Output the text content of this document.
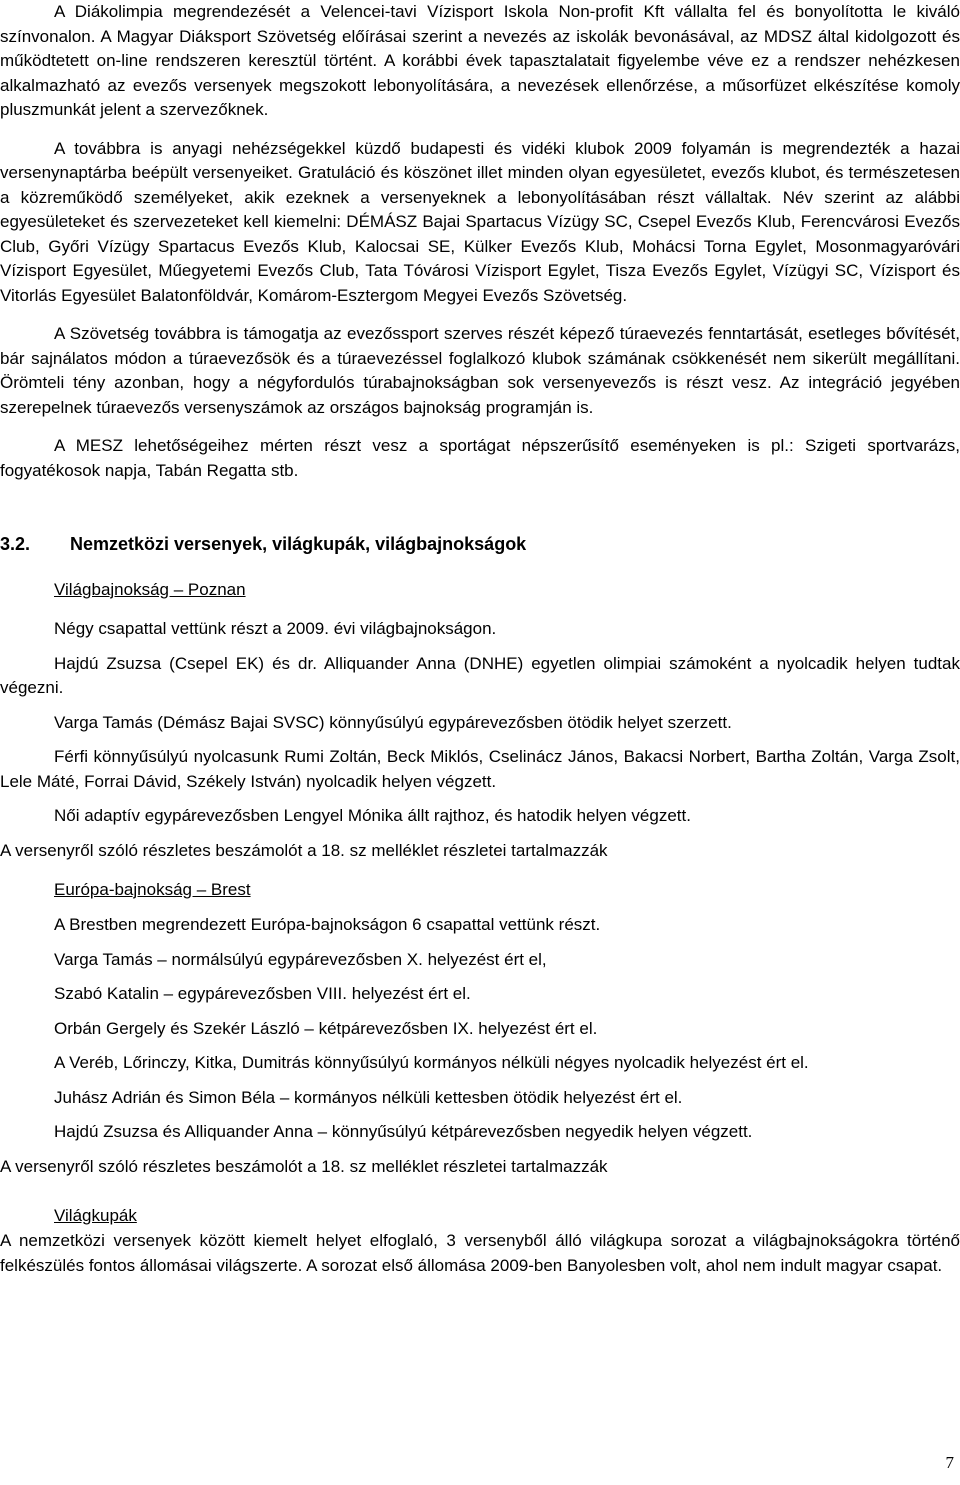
A Diákolimpia megrendezését a Velencei-tavi Vízisport Iskola Non-profit Kft vállalta fel és bonyolította le kiváló színvonalon. A Magyar Diáksport Szövetség előírásai szerint a nevezés az iskolák bevonásával, az MDSZ által kidolgozott és működtetett on-line rendszeren keresztül történt. A korábbi évek tapasztalatait figyelembe véve ez a rendszer nehézkesen alkalmazható az evezős versenyek megszokott lebonyolítására, a nevezések ellenőrzése, a műsorfüzet elkészítése komoly pluszmunkát jelent a szervezőknek.

A továbbra is anyagi nehézségekkel küzdő budapesti és vidéki klubok 2009 folyamán is megrendezték a hazai versenynaptárba beépült versenyeiket. Gratuláció és köszönet illet minden olyan egyesületet, evezős klubot, és természetesen a közreműködő személyeket, akik ezeknek a versenyeknek a lebonyolításában részt vállaltak. Név szerint az alábbi egyesületeket és szervezeteket kell kiemelni: DÉMÁSZ Bajai Spartacus Vízügy SC, Csepel Evezős Klub, Ferencvárosi Evezős Club, Győri Vízügy Spartacus Evezős Klub, Kalocsai SE, Külker Evezős Klub, Mohácsi Torna Egylet, Mosonmagyaróvári Vízisport Egyesület, Műegyetemi Evezős Club, Tata Tóvárosi Vízisport Egylet, Tisza Evezős Egylet, Vízügyi SC, Vízisport és Vitorlás Egyesület Balatonföldvár, Komárom-Esztergom Megyei Evezős Szövetség.

A Szövetség továbbra is támogatja az evezőssport szerves részét képező túraevezés fenntartását, esetleges bővítését, bár sajnálatos módon a túraevezősök és a túraevezéssel foglalkozó klubok számának csökkenését nem sikerült megállítani. Örömteli tény azonban, hogy a négyfordulós túrabajnokságban sok versenyevezős is részt vesz. Az integráció jegyében szerepelnek túraevezős versenyszámok az országos bajnokság programján is.

A MESZ lehetőségeihez mérten részt vesz a sportágat népszerűsítő eseményeken is pl.: Szigeti sportvarázs, fogyatékosok napja, Tabán Regatta stb.

3.2.	Nemzetközi versenyek, világkupák, világbajnokságok

Világbajnokság – Poznan

Négy csapattal vettünk részt a 2009. évi világbajnokságon.

Hajdú Zsuzsa (Csepel EK) és dr. Alliquander Anna (DNHE) egyetlen olimpiai számoként a nyolcadik helyen tudtak végezni.

Varga Tamás (Démász Bajai SVSC) könnyűsúlyú egypárevezősben ötödik helyet szerzett.

Férfi könnyűsúlyú nyolcasunk Rumi Zoltán, Beck Miklós, Cselinácz János, Bakacsi Norbert, Bartha Zoltán, Varga Zsolt, Lele Máté, Forrai Dávid, Székely István) nyolcadik helyen végzett.

Női adaptív egypárevezősben Lengyel Mónika állt rajthoz, és hatodik helyen végzett.

A versenyről szóló részletes beszámolót a 18. sz melléklet részletei tartalmazzák

Európa-bajnokság – Brest

A Brestben megrendezett Európa-bajnokságon 6 csapattal vettünk részt.

Varga Tamás – normálsúlyú egypárevezősben X. helyezést ért el,

Szabó Katalin – egypárevezősben VIII. helyezést ért el.

Orbán Gergely és Szekér László – kétpárevezősben IX. helyezést ért el.

A Veréb, Lőrinczy, Kitka, Dumitrás könnyűsúlyú kormányos nélküli négyes nyolcadik helyezést ért el.

Juhász Adrián és Simon Béla – kormányos nélküli kettesben ötödik helyezést ért el.

Hajdú Zsuzsa és Alliquander Anna – könnyűsúlyú kétpárevezősben negyedik helyen végzett.

A versenyről szóló részletes beszámolót a 18. sz melléklet részletei tartalmazzák

Világkupák

A nemzetközi versenyek között kiemelt helyet elfoglaló, 3 versenyből álló világkupa sorozat a világbajnokságokra történő felkészülés fontos állomásai világszerte. A sorozat első állomása 2009-ben Banyolesben volt, ahol nem indult magyar csapat.

7
